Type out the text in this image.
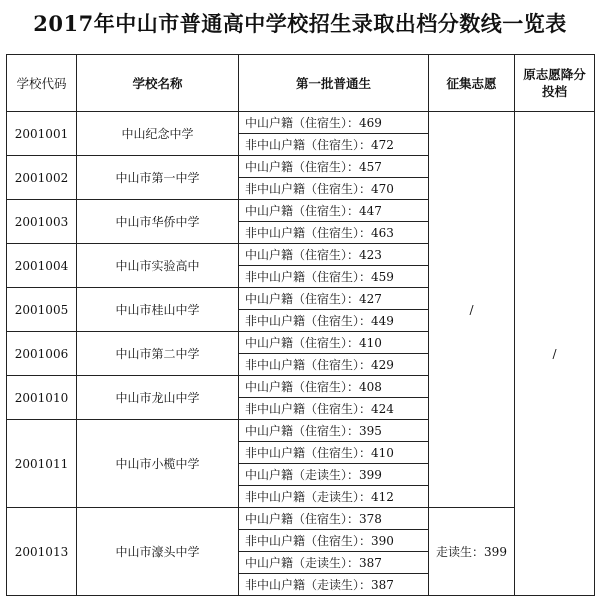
2017年中山市普通高中学校招生录取出档分数线一览表
学校代码	学校名称	第一批普通生	征集志愿	原志愿降分投档
2001001	中山纪念中学	中山户籍（住宿生）：469	/	/
		非中山户籍（住宿生）：472		
2001002	中山市第一中学	中山户籍（住宿生）：457		
		非中山户籍（住宿生）：470		
2001003	中山市华侨中学	中山户籍（住宿生）：447		
		非中山户籍（住宿生）：463		
2001004	中山市实验高中	中山户籍（住宿生）：423		
		非中山户籍（住宿生）：459		
2001005	中山市桂山中学	中山户籍（住宿生）：427		
		非中山户籍（住宿生）：449		
2001006	中山市第二中学	中山户籍（住宿生）：410		
		非中山户籍（住宿生）：429		
2001010	中山市龙山中学	中山户籍（住宿生）：408		
		非中山户籍（住宿生）：424		
2001011	中山市小榄中学	中山户籍（住宿生）：395		
		非中山户籍（住宿生）：410		
		中山户籍（走读生）：399		
		非中山户籍（走读生）：412		
2001013	中山市濠头中学	中山户籍（住宿生）：378	走读生：399	
		非中山户籍（住宿生）：390		
		中山户籍（走读生）：387		
		非中山户籍（走读生）：387		
